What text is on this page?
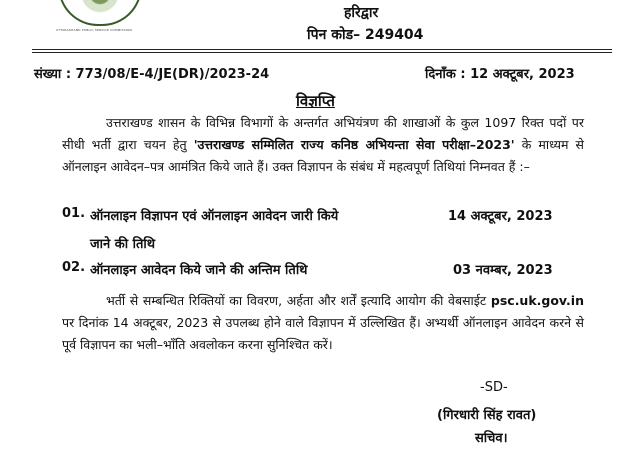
UTTARAKHAND PUBLIC SERVICE COMMISSION
हरिद्वार
पिन कोड– 249404
संख्या : 773/08/E-4/JE(DR)/2023-24	दिनाँक : 12 अक्टूबर, 2023
विज्ञप्ति
उत्तराखण्ड शासन के विभिन्न विभागों के अन्तर्गत अभियंत्रण की शाखाओं के कुल 1097 रिक्त पदों पर सीधी भर्ती द्वारा चयन हेतु 'उत्तराखण्ड सम्मिलित राज्य कनिष्ठ अभियन्ता सेवा परीक्षा–2023' के माध्यम से ऑनलाइन आवेदन–पत्र आमंत्रित किये जाते हैं। उक्त विज्ञापन के संबंध में महत्वपूर्ण तिथियां निम्नवत हैं :–
01. ऑनलाइन विज्ञापन एवं ऑनलाइन आवेदन जारी किये	14 अक्टूबर, 2023
जाने की तिथि
02. ऑनलाइन आवेदन किये जाने की अन्तिम तिथि	03 नवम्बर, 2023
भर्ती से सम्बन्धित रिक्तियों का विवरण, अर्हता और शर्तें इत्यादि आयोग की वेबसाईट psc.uk.gov.in पर दिनांक 14 अक्टूबर, 2023 से उपलब्ध होने वाले विज्ञापन में उल्लिखित हैं। अभ्यर्थी ऑनलाइन आवेदन करने से पूर्व विज्ञापन का भली–भाँति अवलोकन करना सुनिश्चित करें।
-SD-
(गिरधारी सिंह रावत)
सचिव।
